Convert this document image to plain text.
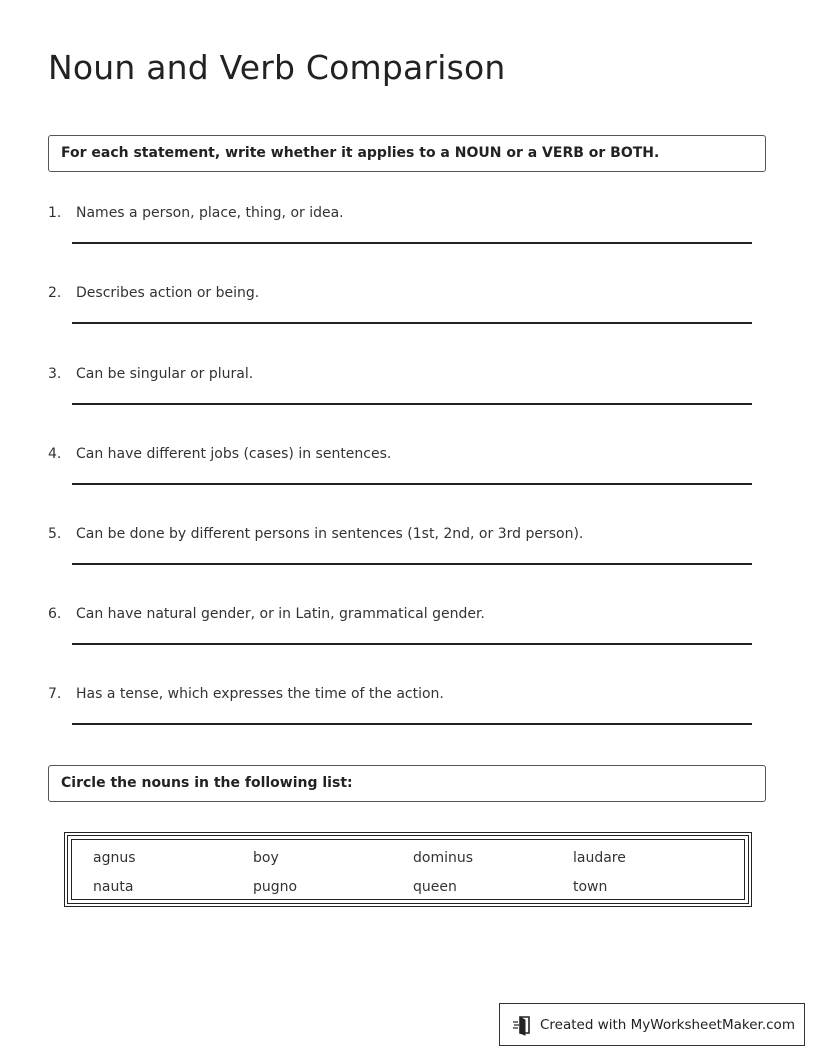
Noun and Verb Comparison
For each statement, write whether it applies to a NOUN or a VERB or BOTH.
1. Names a person, place, thing, or idea.
2. Describes action or being.
3. Can be singular or plural.
4. Can have different jobs (cases) in sentences.
5. Can be done by different persons in sentences (1st, 2nd, or 3rd person).
6. Can have natural gender, or in Latin, grammatical gender.
7. Has a tense, which expresses the time of the action.
Circle the nouns in the following list:
agnus	boy	dominus	laudare
nauta	pugno	queen	town
Created with MyWorksheetMaker.com
